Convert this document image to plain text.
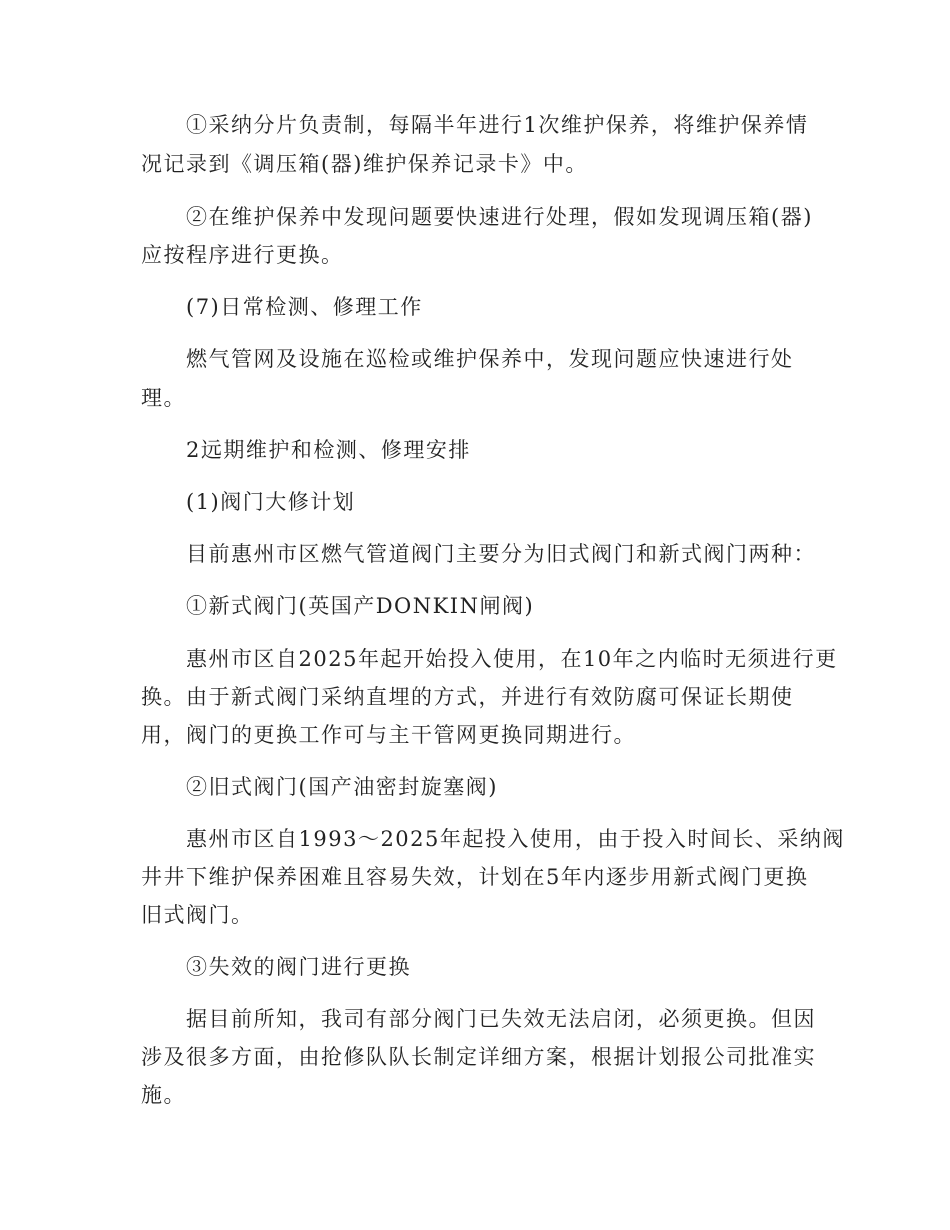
①采纳分片负责制，每隔半年进行1次维护保养，将维护保养情
况记录到《调压箱(器)维护保养记录卡》中。
②在维护保养中发现问题要快速进行处理，假如发现调压箱(器)
应按程序进行更换。
(7)日常检测、修理工作
燃气管网及设施在巡检或维护保养中，发现问题应快速进行处
理。
2远期维护和检测、修理安排
(1)阀门大修计划
目前惠州市区燃气管道阀门主要分为旧式阀门和新式阀门两种：
①新式阀门(英国产DONKIN闸阀)
惠州市区自2025年起开始投入使用，在10年之内临时无须进行更
换。由于新式阀门采纳直埋的方式，并进行有效防腐可保证长期使
用，阀门的更换工作可与主干管网更换同期进行。
②旧式阀门(国产油密封旋塞阀)
惠州市区自1993～2025年起投入使用，由于投入时间长、采纳阀
井井下维护保养困难且容易失效，计划在5年内逐步用新式阀门更换
旧式阀门。
③失效的阀门进行更换
据目前所知，我司有部分阀门已失效无法启闭，必须更换。但因
涉及很多方面，由抢修队队长制定详细方案，根据计划报公司批准实
施。
